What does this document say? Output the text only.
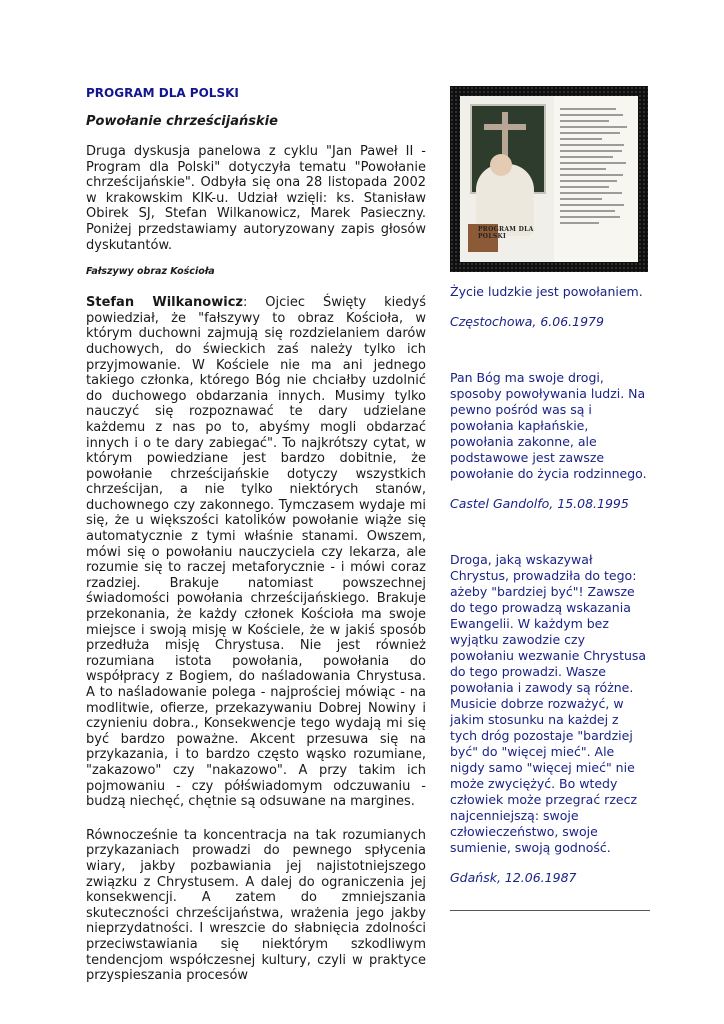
PROGRAM DLA POLSKI

Powołanie chrześcijańskie

Druga dyskusja panelowa z cyklu "Jan Paweł II - Program dla Polski" dotyczyła tematu "Powołanie chrześcijańskie". Odbyła się ona 28 listopada 2002 w krakowskim KIK-u. Udział wzięli: ks. Stanisław Obirek SJ, Stefan Wilkanowicz, Marek Pasieczny. Poniżej przedstawiamy autoryzowany zapis głosów dyskutantów.

Fałszywy obraz Kościoła

Stefan Wilkanowicz: Ojciec Święty kiedyś powiedział, że "fałszywy to obraz Kościoła, w którym duchowni zajmują się rozdzielaniem darów duchowych, do świeckich zaś należy tylko ich przyjmowanie. W Kościele nie ma ani jednego takiego członka, którego Bóg nie chciałby uzdolnić do duchowego obdarzania innych. Musimy tylko nauczyć się rozpoznawać te dary udzielane każdemu z nas po to, abyśmy mogli obdarzać innych i o te dary zabiegać". To najkrótszy cytat, w którym powiedziane jest bardzo dobitnie, że powołanie chrześcijańskie dotyczy wszystkich chrześcijan, a nie tylko niektórych stanów, duchownego czy zakonnego. Tymczasem wydaje mi się, że u większości katolików powołanie wiąże się automatycznie z tymi właśnie stanami. Owszem, mówi się o powołaniu nauczyciela czy lekarza, ale rozumie się to raczej metaforycznie - i mówi coraz rzadziej. Brakuje natomiast powszechnej świadomości powołania chrześcijańskiego. Brakuje przekonania, że każdy członek Kościoła ma swoje miejsce i swoją misję w Kościele, że w jakiś sposób przedłuża misję Chrystusa. Nie jest również rozumiana istota powołania, powołania do współpracy z Bogiem, do naśladowania Chrystusa. A to naśladowanie polega - najprościej mówiąc - na modlitwie, ofierze, przekazywaniu Dobrej Nowiny i czynieniu dobra., Konsekwencje tego wydają mi się być bardzo poważne. Akcent przesuwa się na przykazania, i to bardzo często wąsko rozumiane, "zakazowo" czy "nakazowo". A przy takim ich pojmowaniu - czy półświadomym odczuwaniu - budzą niechęć, chętnie są odsuwane na margines.

Równocześnie ta koncentracja na tak rozumianych przykazaniach prowadzi do pewnego spłycenia wiary, jakby pozbawiania jej najistotniejszego związku z Chrystusem. A dalej do ograniczenia jej konsekwencji. A zatem do zmniejszania skuteczności chrześcijaństwa, wrażenia jego jakby nieprzydatności. I wreszcie do słabnięcia zdolności przeciwstawiania się niektórym szkodliwym tendencjom współczesnej kultury, czyli w praktyce przyspieszania procesów

PROGRAM DLA POLSKI

Życie ludzkie jest powołaniem.

Częstochowa, 6.06.1979

Pan Bóg ma swoje drogi, sposoby powoływania ludzi. Na pewno pośród was są i powołania kapłańskie, powołania zakonne, ale podstawowe jest zawsze powołanie do życia rodzinnego.

Castel Gandolfo, 15.08.1995

Droga, jaką wskazywał Chrystus, prowadziła do tego: ażeby "bardziej być"! Zawsze do tego prowadzą wskazania Ewangelii. W każdym bez wyjątku zawodzie czy powołaniu wezwanie Chrystusa do tego prowadzi. Wasze powołania i zawody są różne. Musicie dobrze rozważyć, w jakim stosunku na każdej z tych dróg pozostaje "bardziej być" do "więcej mieć". Ale nigdy samo "więcej mieć" nie może zwyciężyć. Bo wtedy człowiek może przegrać rzecz najcenniejszą: swoje człowieczeństwo, swoje sumienie, swoją godność.

Gdańsk, 12.06.1987
